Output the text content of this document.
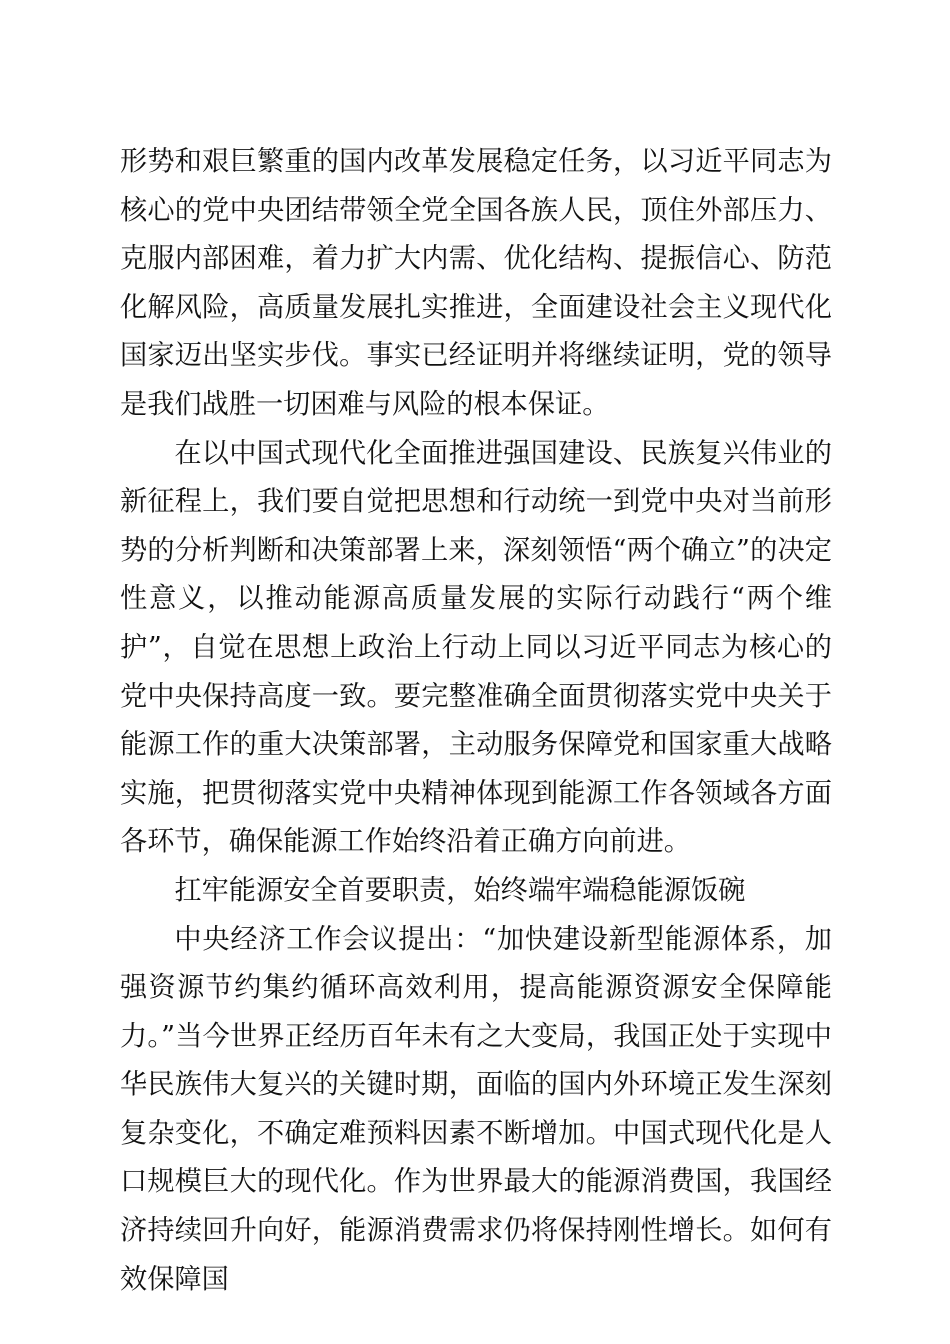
形势和艰巨繁重的国内改革发展稳定任务，以习近平同志为核心的党中央团结带领全党全国各族人民，顶住外部压力、克服内部困难，着力扩大内需、优化结构、提振信心、防范化解风险，高质量发展扎实推进，全面建设社会主义现代化国家迈出坚实步伐。事实已经证明并将继续证明，党的领导是我们战胜一切困难与风险的根本保证。

在以中国式现代化全面推进强国建设、民族复兴伟业的新征程上，我们要自觉把思想和行动统一到党中央对当前形势的分析判断和决策部署上来，深刻领悟“两个确立”的决定性意义，以推动能源高质量发展的实际行动践行“两个维护”，自觉在思想上政治上行动上同以习近平同志为核心的党中央保持高度一致。要完整准确全面贯彻落实党中央关于能源工作的重大决策部署，主动服务保障党和国家重大战略实施，把贯彻落实党中央精神体现到能源工作各领域各方面各环节，确保能源工作始终沿着正确方向前进。

扛牢能源安全首要职责，始终端牢端稳能源饭碗

中央经济工作会议提出：“加快建设新型能源体系，加强资源节约集约循环高效利用，提高能源资源安全保障能力。”当今世界正经历百年未有之大变局，我国正处于实现中华民族伟大复兴的关键时期，面临的国内外环境正发生深刻复杂变化，不确定难预料因素不断增加。中国式现代化是人口规模巨大的现代化。作为世界最大的能源消费国，我国经济持续回升向好，能源消费需求仍将保持刚性增长。如何有效保障国
